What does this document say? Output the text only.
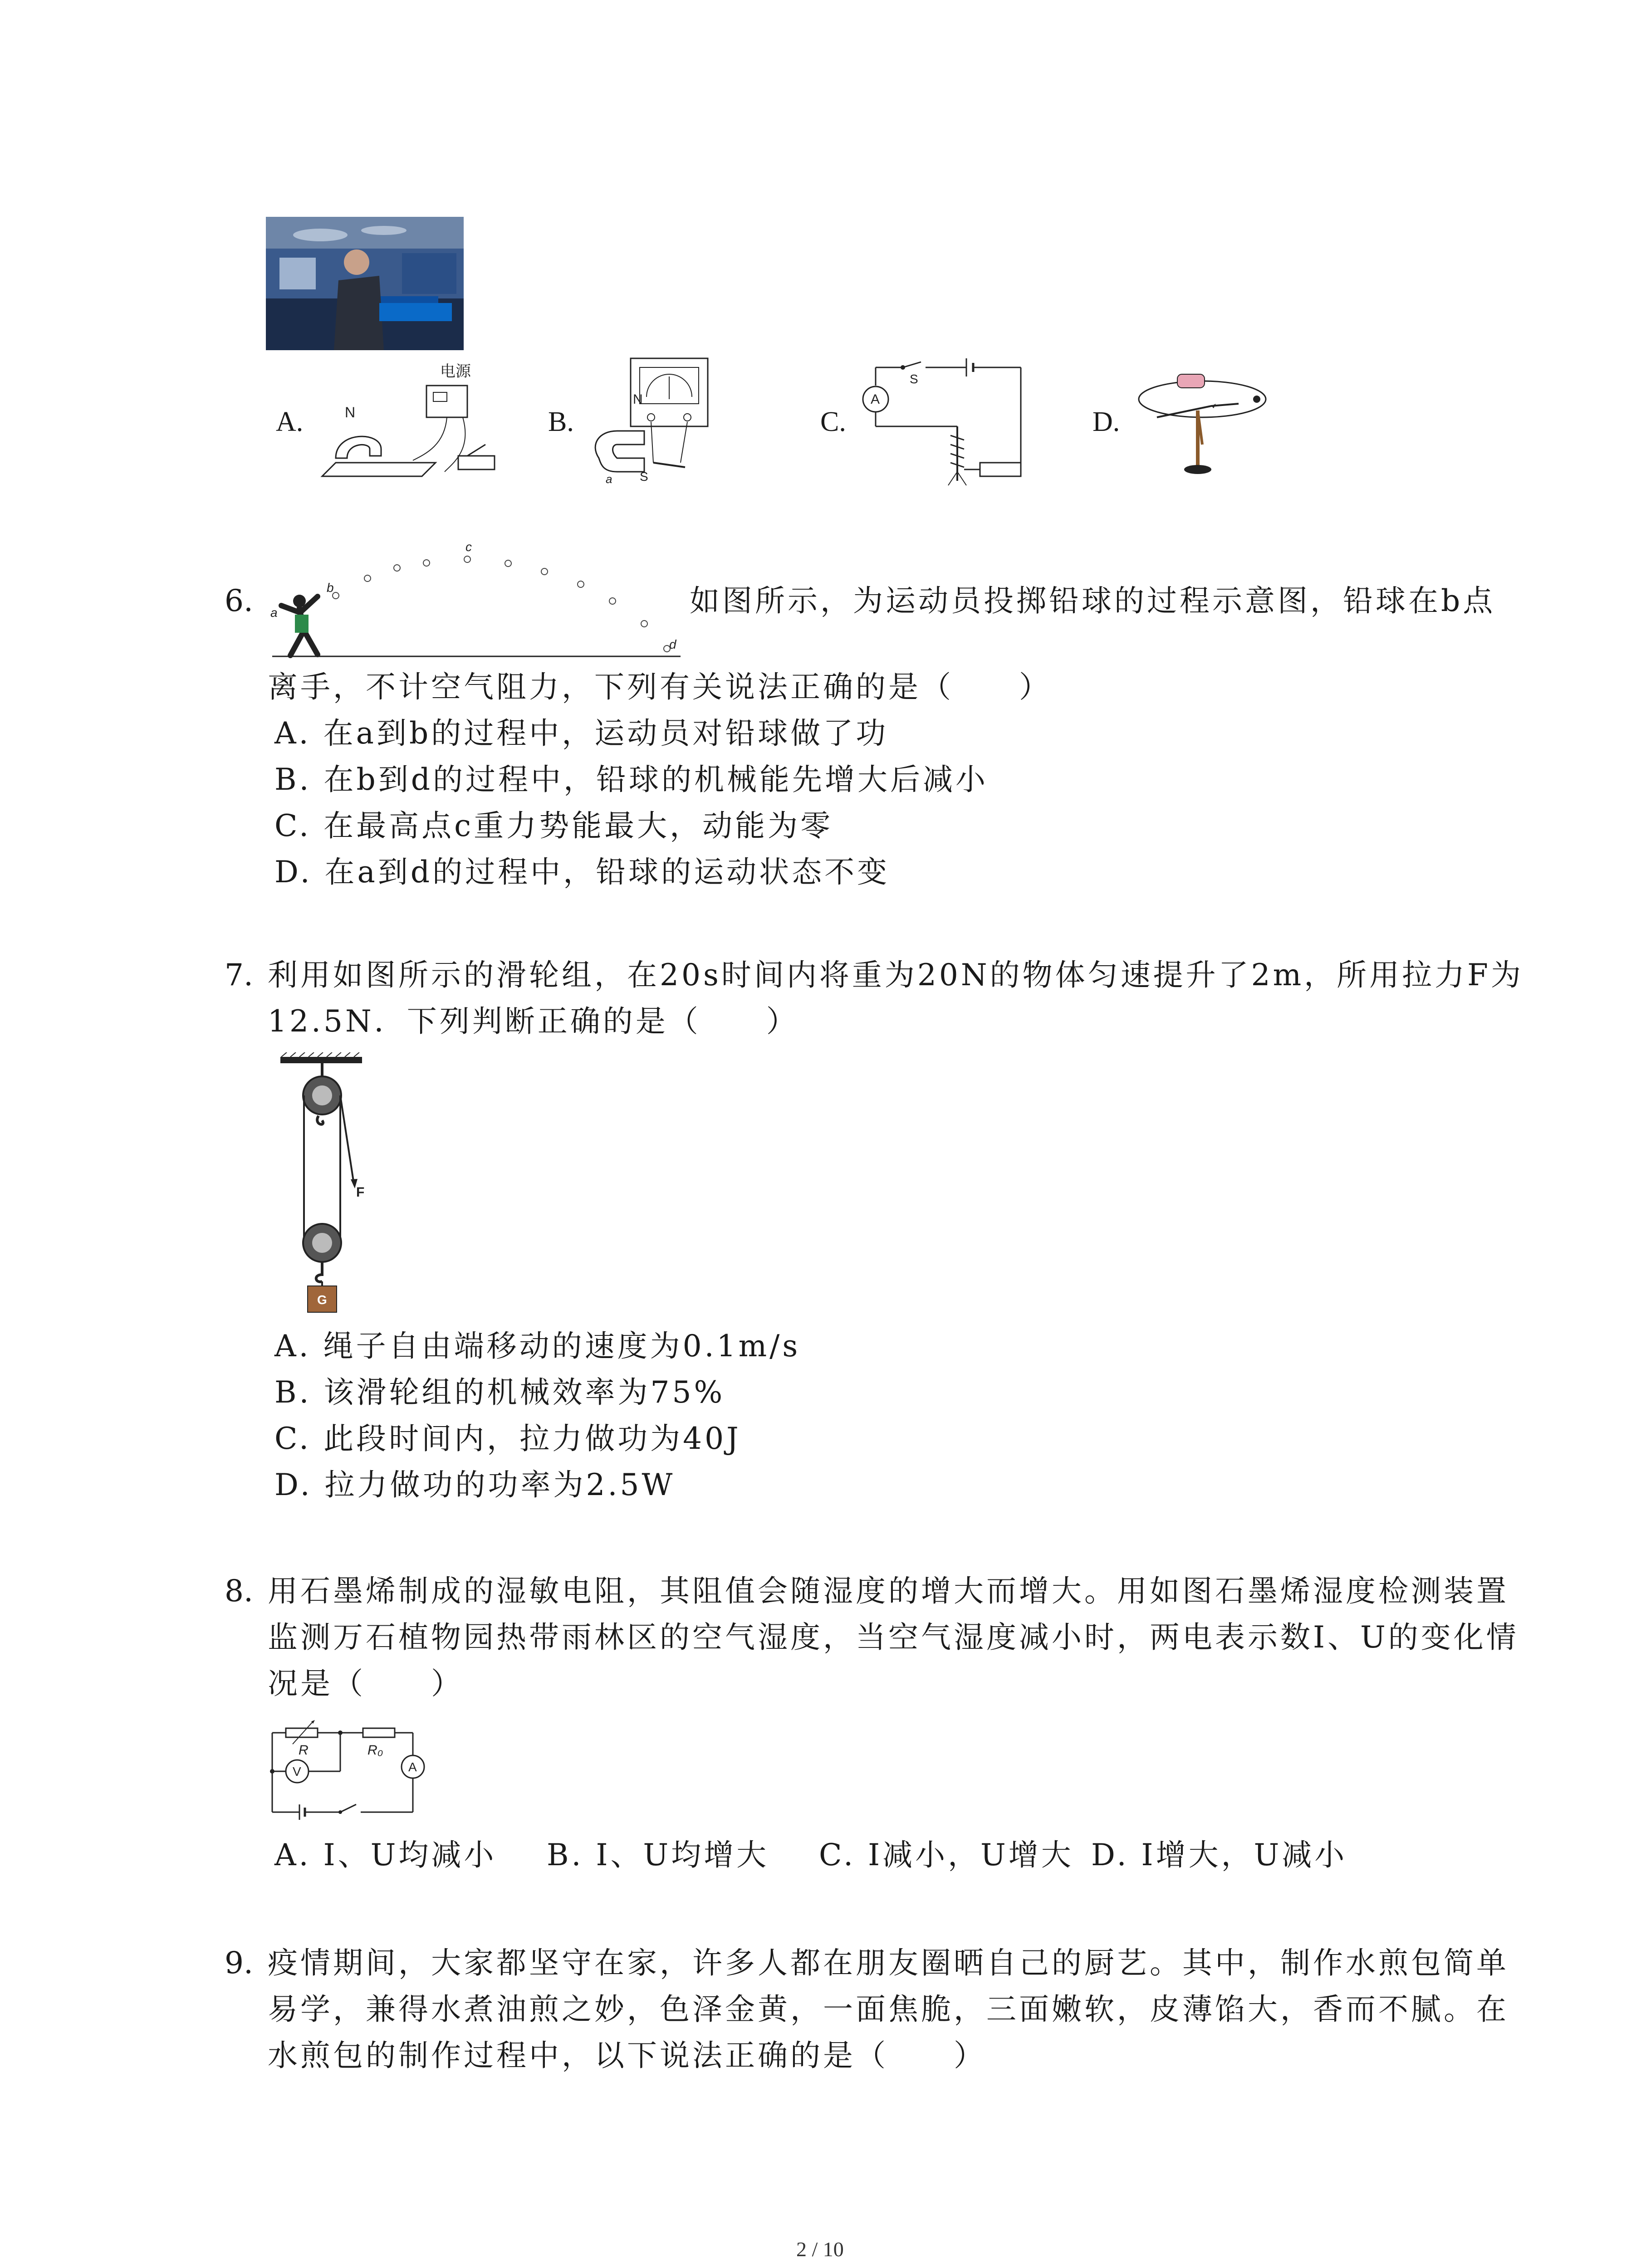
A.	B.	C.	D.
N
电源
N
S
a
S
A
6. a
b
c
d
如图所示，为运动员投掷铅球的过程示意图，铅球在b点
离手，不计空气阻力，下列有关说法正确的是（　　）
A. 在a到b的过程中，运动员对铅球做了功
B. 在b到d的过程中，铅球的机械能先增大后减小
C. 在最高点c重力势能最大，动能为零
D. 在a到d的过程中，铅球的运动状态不变
7. 利用如图所示的滑轮组，在20s时间内将重为20N的物体匀速提升了2m，所用拉力F为
12.5N．下列判断正确的是（　　）
F
G
A. 绳子自由端移动的速度为0.1m/s
B. 该滑轮组的机械效率为75%
C. 此段时间内，拉力做功为40J
D. 拉力做功的功率为2.5W
8. 用石墨烯制成的湿敏电阻，其阻值会随湿度的增大而增大。用如图石墨烯湿度检测装置
监测万石植物园热带雨林区的空气湿度，当空气湿度减小时，两电表示数I、U的变化情
况是（　　）
R	R₀
A
V
A. I、U均减小 B. I、U均增大 C. I减小，U增大 D. I增大，U减小
9. 疫情期间，大家都坚守在家，许多人都在朋友圈晒自己的厨艺。其中，制作水煎包简单
易学，兼得水煮油煎之妙，色泽金黄，一面焦脆，三面嫩软，皮薄馅大，香而不腻。在
水煎包的制作过程中，以下说法正确的是（　　）
2 / 10
